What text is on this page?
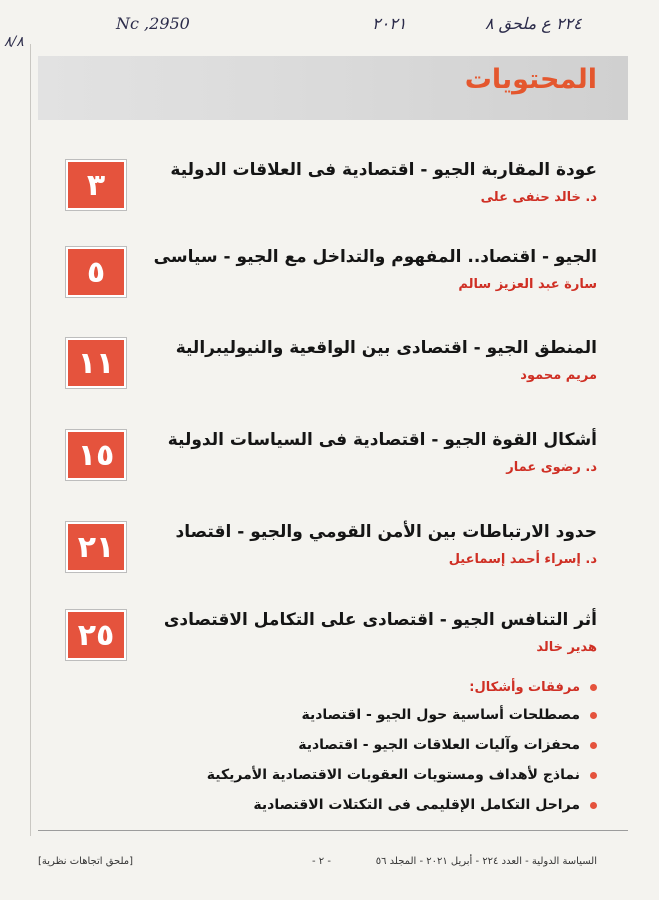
Nc ,2950	٢٠٢١	٢٢٤ ع ملحق ٨
٨/٨
المحتويات
٣	عودة المقاربة الجيو - اقتصادية فى العلاقات الدولية
د. خالد حنفى على
٥	الجيو - اقتصاد.. المفهوم والتداخل مع الجيو - سياسى
سارة عبد العزيز سالم
١١	المنطق الجيو - اقتصادى بين الواقعية والنيوليبرالية
مريم محمود
١٥	أشكال القوة الجيو - اقتصادية فى السياسات الدولية
د. رضوى عمار
٢١	حدود الارتباطات بين الأمن القومي والجيو - اقتصاد
د. إسراء أحمد إسماعيل
٢٥	أثر التنافس الجيو - اقتصادى على التكامل الاقتصادى
هدير خالد
مرفقات وأشكال:
مصطلحات أساسية حول الجيو - اقتصادية
محفزات وآليات العلاقات الجيو - اقتصادية
نماذج لأهداف ومستويات العقوبات الاقتصادية الأمريكية
مراحل التكامل الإقليمى فى التكتلات الاقتصادية
السياسة الدولية - العدد ٢٢٤ - أبريل ٢٠٢١ - المجلد ٥٦
- ٢ -
[ملحق اتجاهات نظرية]
